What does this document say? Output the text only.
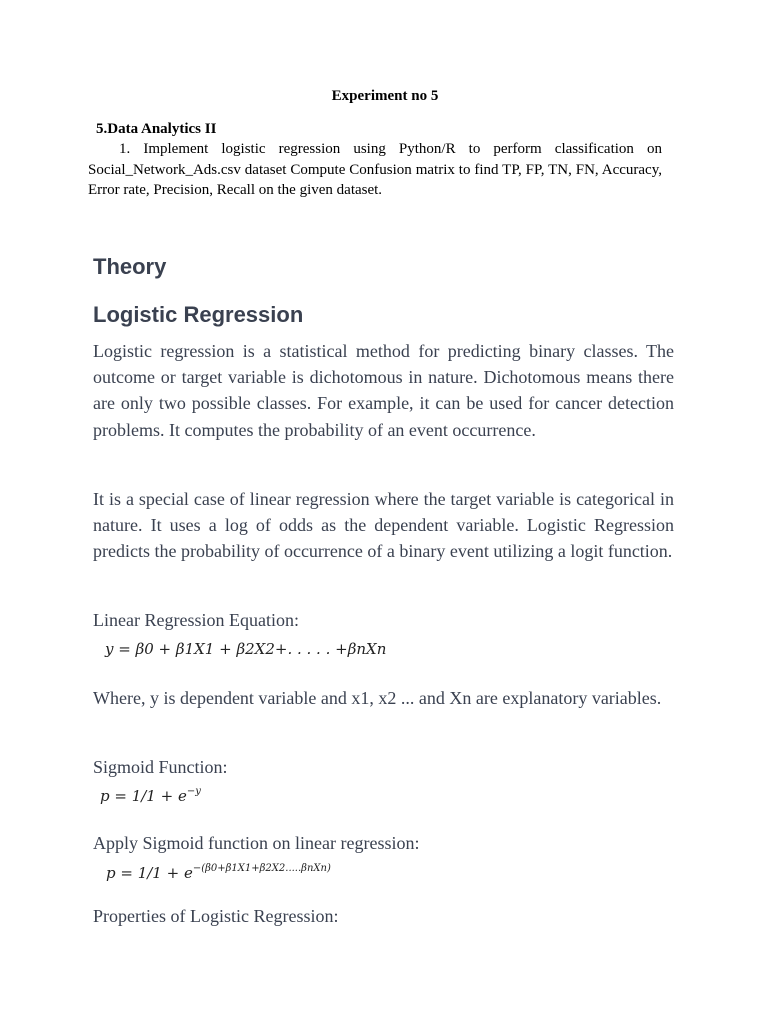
Experiment no 5
5.Data Analytics II
1. Implement logistic regression using Python/R to perform classification on Social_Network_Ads.csv dataset Compute Confusion matrix to find TP, FP, TN, FN, Accuracy, Error rate, Precision, Recall on the given dataset.
Theory
Logistic Regression
Logistic regression is a statistical method for predicting binary classes. The outcome or target variable is dichotomous in nature. Dichotomous means there are only two possible classes. For example, it can be used for cancer detection problems. It computes the probability of an event occurrence.
It is a special case of linear regression where the target variable is categorical in nature. It uses a log of odds as the dependent variable. Logistic Regression predicts the probability of occurrence of a binary event utilizing a logit function.
Linear Regression Equation:
y = β0 + β1X1 + β2X2+. . . . . +βnXn
Where, y is dependent variable and x1, x2 ... and Xn are explanatory variables.
Sigmoid Function:
$p = 1/1 + e^{-y}$
Apply Sigmoid function on linear regression:
$p = 1/1 + e^{-(\beta 0+\beta 1X1+\beta 2X2.....\beta nXn)}$
Properties of Logistic Regression:
